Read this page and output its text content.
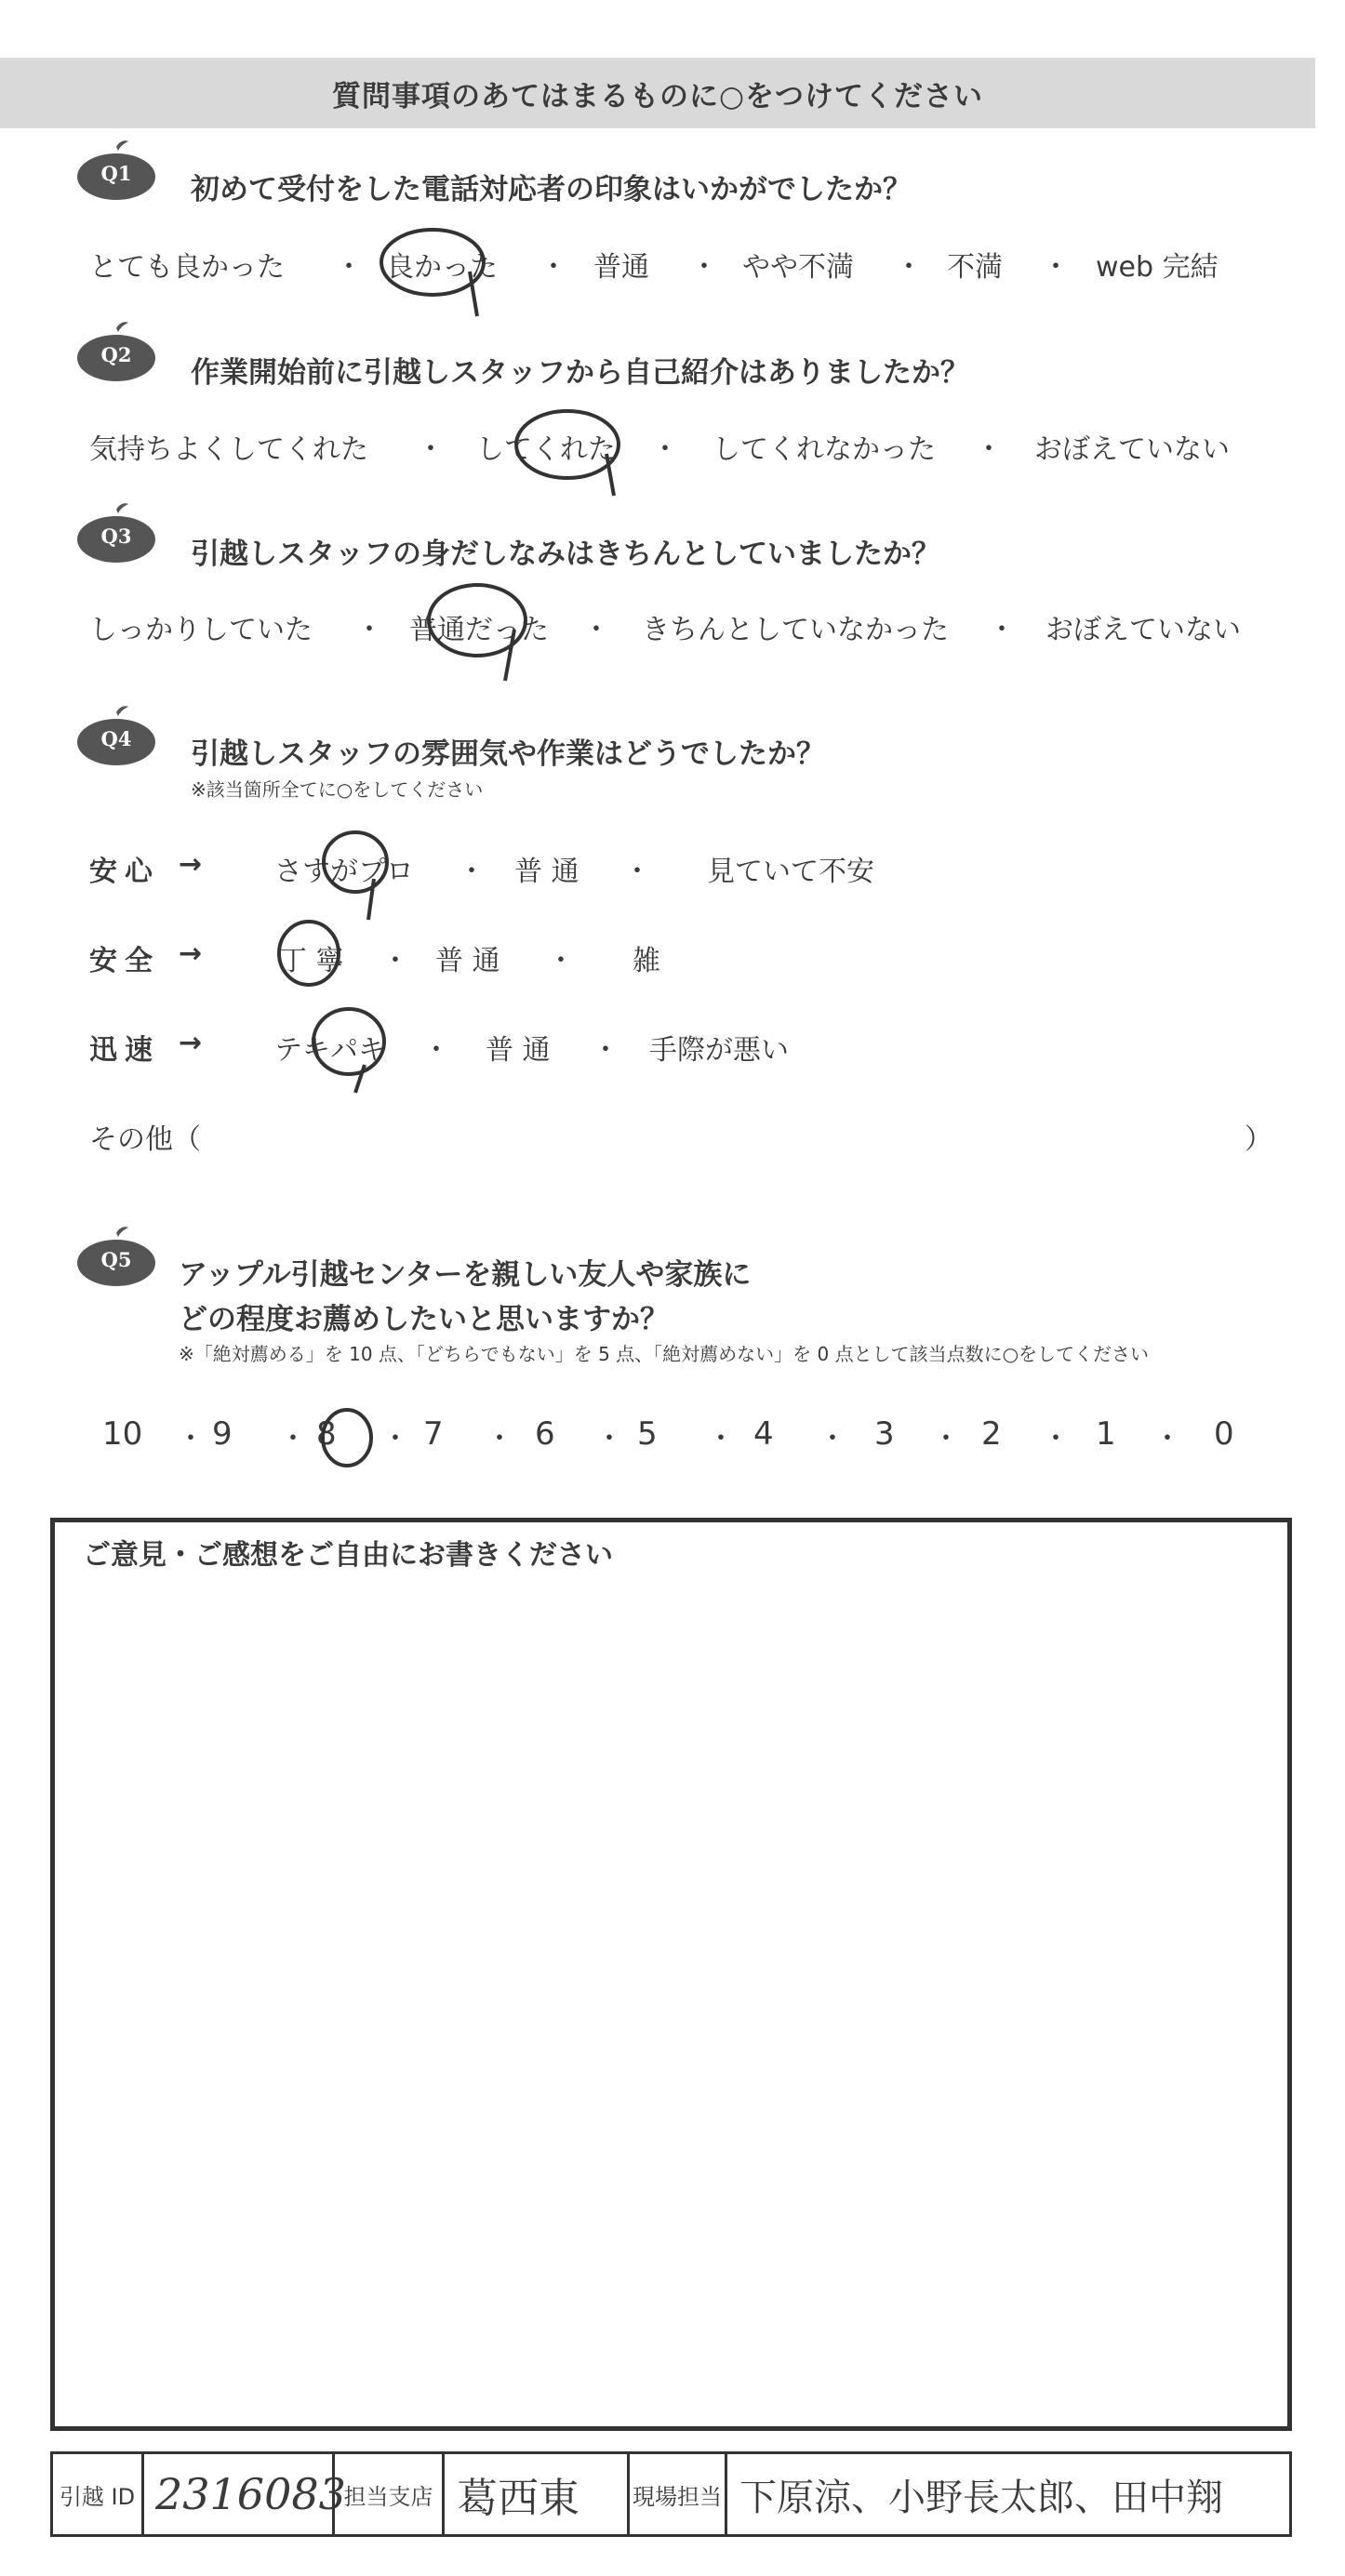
質問事項のあてはまるものに○をつけてください
Q1	初めて受付をした電話対応者の印象はいかがでしたか？
とても良かった ・ 良かった ・ 普通 ・ やや不満 ・ 不満 ・ web 完結
Q2
作業開始前に引越しスタッフから自己紹介はありましたか？
気持ちよくしてくれた ・ してくれた ・ してくれなかった ・ おぼえていない
Q3
引越しスタッフの身だしなみはきちんとしていましたか？
しっかりしていた ・ 普通だった ・ きちんとしていなかった ・ おぼえていない
Q4	引越しスタッフの雰囲気や作業はどうでしたか？
※該当箇所全てに○をしてください
安心 →	さすがプロ ・ 普 通 ・ 見ていて不安
安全 →	丁 寧 ・ 普 通 ・ 雑
迅速 →	テキパキ ・ 普 通 ・ 手際が悪い
その他（	）
Q5	アップル引越センターを親しい友人や家族に
どの程度お薦めしたいと思いますか？
※「絶対薦める」を 10 点、「どちらでもない」を 5 点、「絶対薦めない」を 0 点として該当点数に○をしてください
10 9	8	7	6	5	4	3	2	1	0
・	・	・	・	・	・	・	・	・	・
ご意見・ご感想をご自由にお書きください
引越 ID 2316083
担当支店 葛西東	現場担当 下原涼、小野長太郎、田中翔
